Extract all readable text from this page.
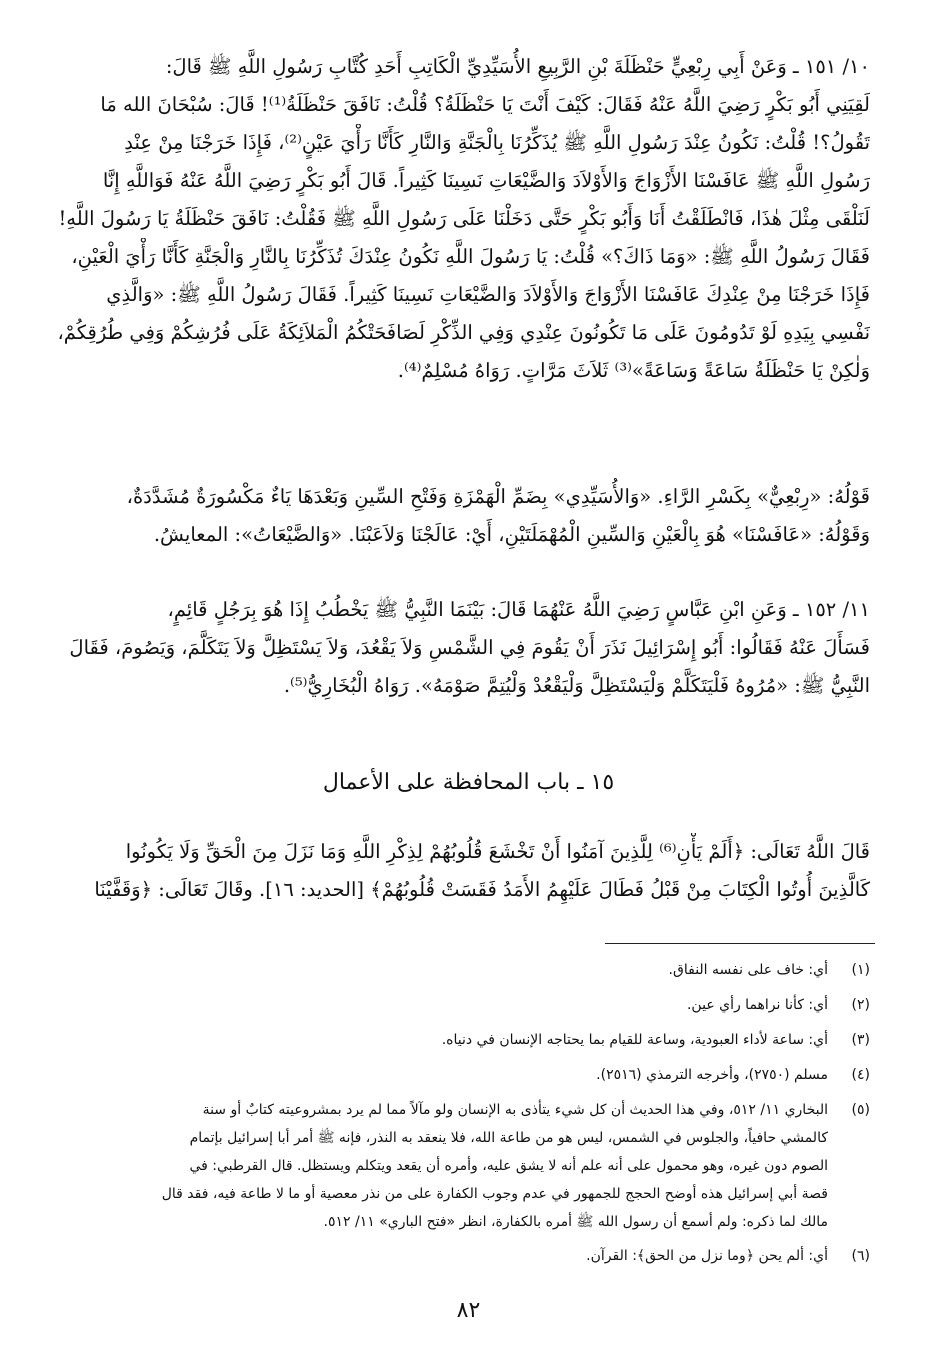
١٠/ ١٥١ ـ وَعَنْ أَبِي رِبْعِيٍّ حَنْظَلَةَ بْنِ الرَّبِيعِ الأُسَيِّدِيِّ الْكَاتِبِ أَحَدِ كُتَّابِ رَسُولِ اللَّهِ ﷺ قَالَ:
لَقِيَنِي أَبُو بَكْرٍ رَضِيَ اللَّهُ عَنْهُ فَقَالَ: كَيْفَ أَنْتَ يَا حَنْظَلَةُ؟ قُلْتُ: نَافَقَ حَنْظَلَةُ⁽¹⁾! قَالَ: سُبْحَانَ الله مَا
تَقُولُ؟! قُلْتُ: نَكُونُ عِنْدَ رَسُولِ اللَّهِ ﷺ يُذَكِّرُنَا بِالْجَنَّةِ وَالنَّارِ كَأَنَّا رَأْيَ عَيْنٍ⁽²⁾، فَإِذَا خَرَجْنَا مِنْ عِنْدِ
رَسُولِ اللَّهِ ﷺ عَافَسْنَا الأَزْوَاجَ وَالأَوْلاَدَ وَالضَّيْعَاتِ نَسِينَا كَثِيراً. قَالَ أَبُو بَكْرٍ رَضِيَ اللَّهُ عَنْهُ فَوَاللَّهِ إِنَّا
لَنَلْقَى مِثْلَ هٰذَا، فَانْطَلَقْتُ أَنَا وَأَبُو بَكْرٍ حَتَّى دَخَلْنَا عَلَى رَسُولِ اللَّهِ ﷺ فَقُلْتُ: نَافَقَ حَنْظَلَةُ يَا رَسُولَ اللَّهِ!
فَقَالَ رَسُولُ اللَّهِ ﷺ: «وَمَا ذَاكَ؟» قُلْتُ: يَا رَسُولَ اللَّهِ نَكُونُ عِنْدَكَ تُذَكِّرُنَا بِالنَّارِ وَالْجَنَّةِ كَأَنَّا رَأْيَ الْعَيْنِ،
فَإِذَا خَرَجْنَا مِنْ عِنْدِكَ عَافَسْنَا الأَزْوَاجَ وَالأَوْلاَدَ وَالضَّيْعَاتِ نَسِينَا كَثِيراً. فَقَالَ رَسُولُ اللَّهِ ﷺ: «وَالَّذِي
نَفْسِي بِيَدِهِ لَوْ تَدُومُونَ عَلَى مَا تَكُونُونَ عِنْدِي وَفِي الذِّكْرِ لَصَافَحَتْكُمُ الْمَلاَئِكَةُ عَلَى فُرُشِكُمْ وَفِي طُرُقِكُمْ،
وَلٰكِنْ يَا حَنْظَلَةُ سَاعَةً وَسَاعَةً»⁽³⁾ ثَلاَثَ مَرَّاتٍ. رَوَاهُ مُسْلِمٌ⁽⁴⁾.
قَوْلُهُ: «رِبْعِيٌّ» بِكَسْرِ الرَّاءِ. «وَالأُسَيِّدِي» بِضَمِّ الْهَمْزَةِ وَفَتْحِ السِّينِ وَبَعْدَهَا يَاءٌ مَكْسُورَةٌ مُشَدَّدَةٌ،
وَقَوْلُهُ: «عَافَسْنَا» هُوَ بِالْعَيْنِ وَالسِّينِ الْمُهْمَلَتَيْنِ، أَيْ: عَالَجْنَا وَلاَعَبْنَا. «وَالضَّيْعَاتُ»: المعايشُ.
١١/ ١٥٢ ـ وَعَنِ ابْنِ عَبَّاسٍ رَضِيَ اللَّهُ عَنْهُمَا قَالَ: بَيْنَمَا النَّبِيُّ ﷺ يَخْطُبُ إِذَا هُوَ بِرَجُلٍ قَائِمٍ،
فَسَأَلَ عَنْهُ فَقَالُوا: أَبُو إِسْرَائِيلَ نَذَرَ أَنْ يَقُومَ فِي الشَّمْسِ وَلاَ يَقْعُدَ، وَلاَ يَسْتَظِلَّ وَلاَ يَتَكَلَّمَ، وَيَصُومَ، فَقَالَ
النَّبِيُّ ﷺ: «مُرُوهُ فَلْيَتَكَلَّمْ وَلْيَسْتَظِلَّ وَلْيَقْعُدْ وَلْيُتِمَّ صَوْمَهُ». رَوَاهُ الْبُخَارِيُّ⁽⁵⁾.
١٥ ـ باب المحافظة على الأعمال
قَالَ اللَّهُ تَعَالَى: ﴿أَلَمْ يَأْنِ⁽⁶⁾ لِلَّذِينَ آمَنُوا أَنْ تَخْشَعَ قُلُوبُهُمْ لِذِكْرِ اللَّهِ وَمَا نَزَلَ مِنَ الْحَقِّ وَلَا يَكُونُوا
كَالَّذِينَ أُوتُوا الْكِتَابَ مِنْ قَبْلُ فَطَالَ عَلَيْهِمُ الأَمَدُ فَقَسَتْ قُلُوبُهُمْ﴾ [الحديد: ١٦]. وقَالَ تَعَالَى: ﴿وَقَفَّيْنَا
(١)
أي: خاف على نفسه النفاق.
(٢)
أي: كأنا نراهما رأي عين.
(٣)
أي: ساعة لأداء العبودية، وساعة للقيام بما يحتاجه الإنسان في دنياه.
(٤)
مسلم (٢٧٥٠)، وأخرجه الترمذي (٢٥١٦).
(٥)
البخاري ١١/ ٥١٢، وفي هذا الحديث أن كل شيء يتأذى به الإنسان ولو مآلاً مما لم يرد بمشروعيته كتابٌ أو سنة
كالمشي حافياً، والجلوس في الشمس، ليس هو من طاعة الله، فلا ينعقد به النذر، فإنه ﷺ أمر أبا إسرائيل بإتمام
الصوم دون غيره، وهو محمول على أنه علم أنه لا يشق عليه، وأمره أن يقعد ويتكلم ويستظل. قال القرطبي: في
قصة أبي إسرائيل هذه أوضح الحجج للجمهور في عدم وجوب الكفارة على من نذر معصية أو ما لا طاعة فيه، فقد قال
مالك لما ذكره: ولم أسمع أن رسول الله ﷺ أمره بالكفارة، انظر «فتح الباري» ١١/ ٥١٢.
(٦)
أي: ألم يحن ﴿وما نزل من الحق﴾: القرآن.
٨٢
